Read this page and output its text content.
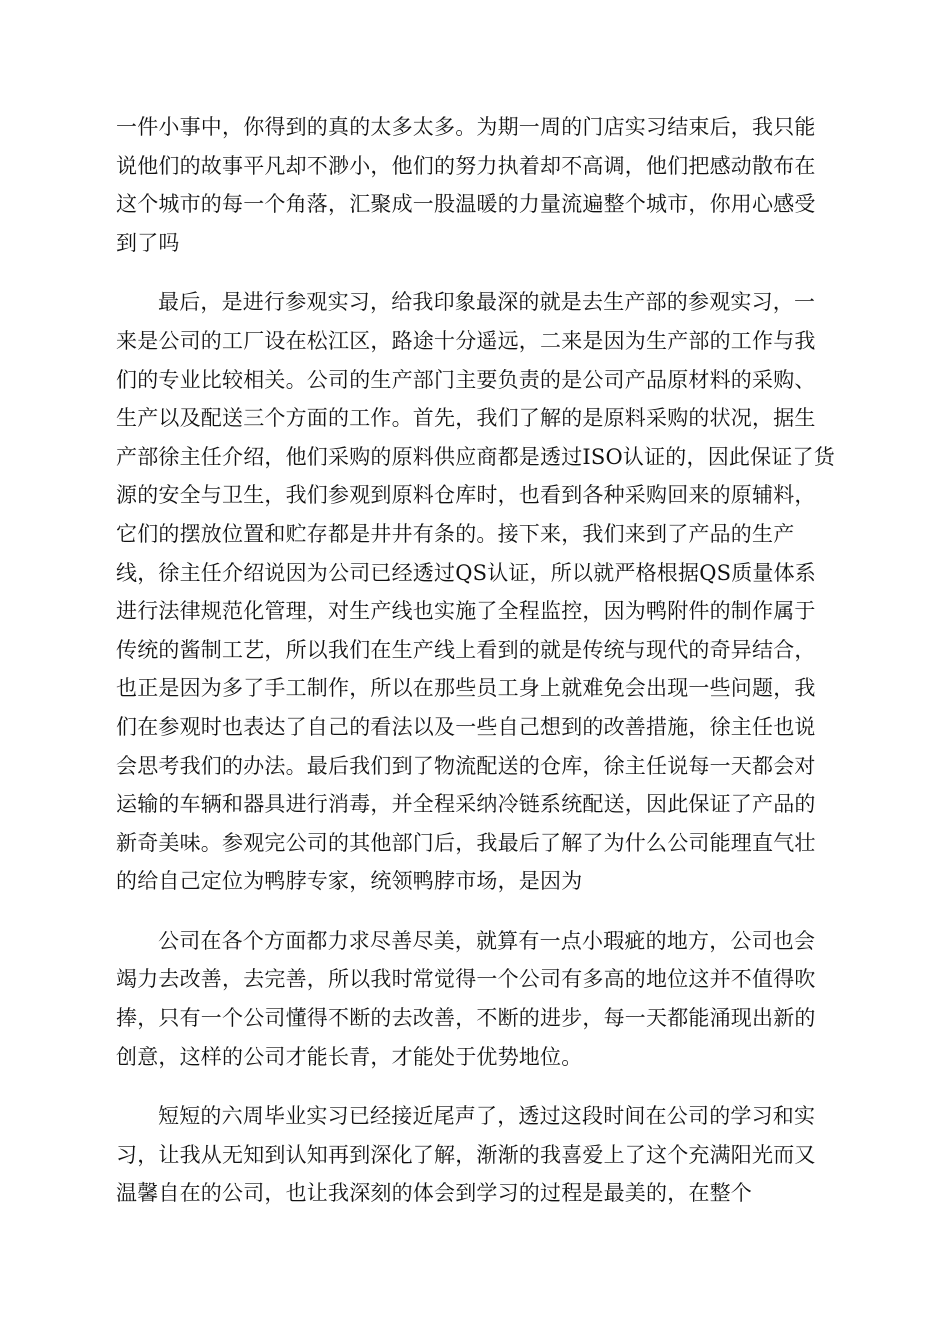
一件小事中，你得到的真的太多太多。为期一周的门店实习结束后，我只能说他们的故事平凡却不渺小，他们的努力执着却不高调，他们把感动散布在这个城市的每一个角落，汇聚成一股温暖的力量流遍整个城市，你用心感受到了吗

最后，是进行参观实习，给我印象最深的就是去生产部的参观实习，一来是公司的工厂设在松江区，路途十分遥远，二来是因为生产部的工作与我们的专业比较相关。公司的生产部门主要负责的是公司产品原材料的采购、生产以及配送三个方面的工作。首先，我们了解的是原料采购的状况，据生产部徐主任介绍，他们采购的原料供应商都是透过ISO认证的，因此保证了货源的安全与卫生，我们参观到原料仓库时，也看到各种采购回来的原辅料，它们的摆放位置和贮存都是井井有条的。接下来，我们来到了产品的生产线，徐主任介绍说因为公司已经透过QS认证，所以就严格根据QS质量体系进行法律规范化管理，对生产线也实施了全程监控，因为鸭附件的制作属于传统的酱制工艺，所以我们在生产线上看到的就是传统与现代的奇异结合，也正是因为多了手工制作，所以在那些员工身上就难免会出现一些问题，我们在参观时也表达了自己的看法以及一些自己想到的改善措施，徐主任也说会思考我们的办法。最后我们到了物流配送的仓库，徐主任说每一天都会对运输的车辆和器具进行消毒，并全程采纳冷链系统配送，因此保证了产品的新奇美味。参观完公司的其他部门后，我最后了解了为什么公司能理直气壮的给自己定位为鸭脖专家，统领鸭脖市场，是因为

公司在各个方面都力求尽善尽美，就算有一点小瑕疵的地方，公司也会竭力去改善，去完善，所以我时常觉得一个公司有多高的地位这并不值得吹捧，只有一个公司懂得不断的去改善，不断的进步，每一天都能涌现出新的创意，这样的公司才能长青，才能处于优势地位。

短短的六周毕业实习已经接近尾声了，透过这段时间在公司的学习和实习，让我从无知到认知再到深化了解，渐渐的我喜爱上了这个充满阳光而又温馨自在的公司，也让我深刻的体会到学习的过程是最美的，在整个
